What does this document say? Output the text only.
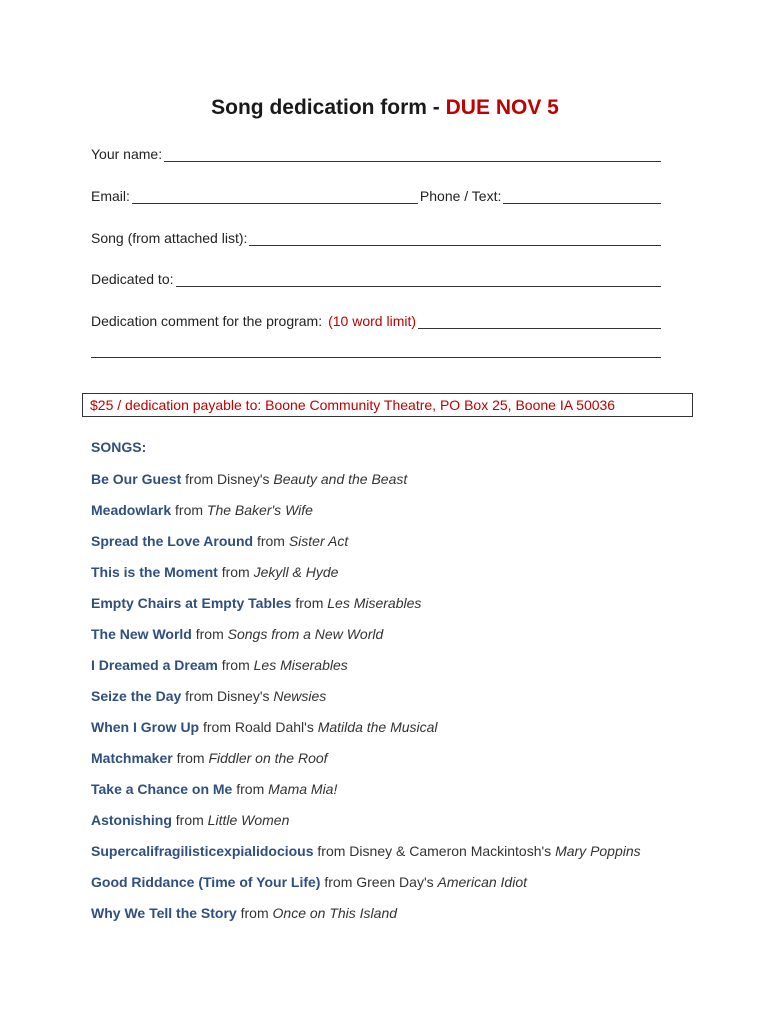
Song dedication form - DUE NOV 5
Your name:
Email:	Phone / Text:
Song (from attached list):
Dedicated to:
Dedication comment for the program: (10 word limit)
$25 / dedication payable to: Boone Community Theatre, PO Box 25, Boone IA 50036
SONGS:
Be Our Guest from Disney's Beauty and the Beast
Meadowlark from The Baker's Wife
Spread the Love Around from Sister Act
This is the Moment from Jekyll & Hyde
Empty Chairs at Empty Tables from Les Miserables
The New World from Songs from a New World
I Dreamed a Dream from Les Miserables
Seize the Day from Disney's Newsies
When I Grow Up from Roald Dahl's Matilda the Musical
Matchmaker from Fiddler on the Roof
Take a Chance on Me from Mama Mia!
Astonishing from Little Women
Supercalifragilisticexpialidocious from Disney & Cameron Mackintosh's Mary Poppins
Good Riddance (Time of Your Life) from Green Day's American Idiot
Why We Tell the Story from Once on This Island
